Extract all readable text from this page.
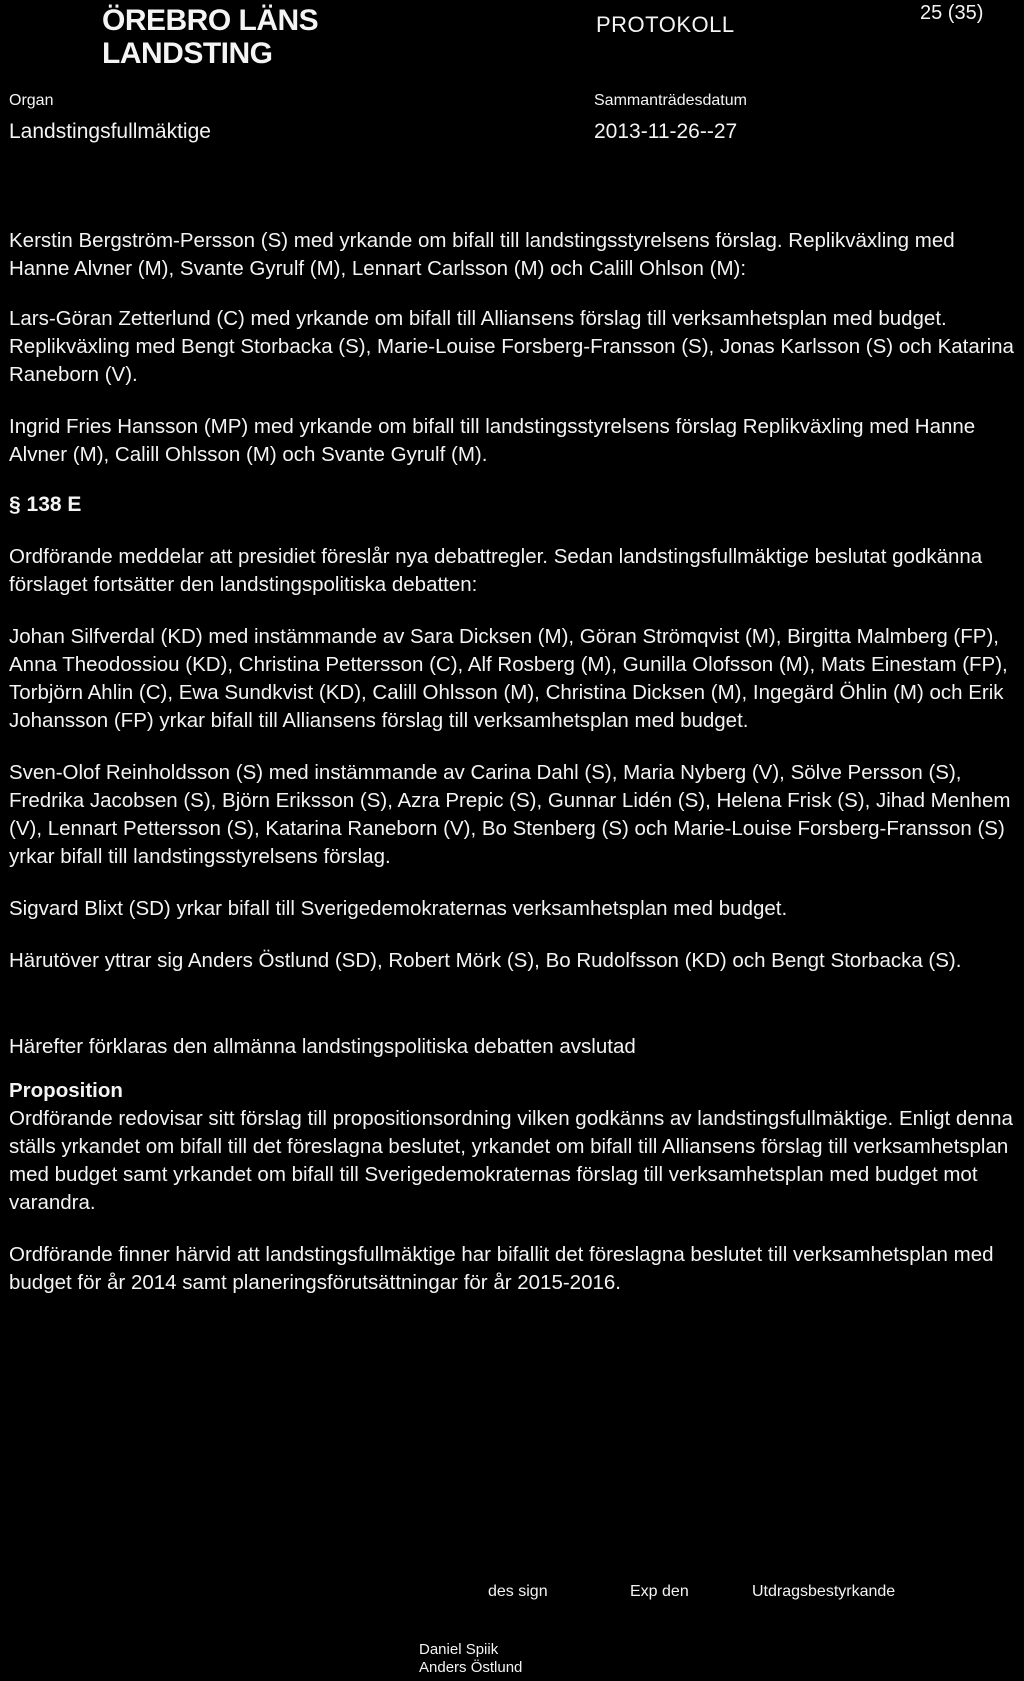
ÖREBRO LÄNS
LANDSTING
PROTOKOLL	25 (35)
Organ
Landstingsfullmäktige
Sammanträdesdatum
2013-11-26--27

Kerstin Bergström-Persson (S) med yrkande om bifall till landstingsstyrelsens förslag. Replikväxling med Hanne Alvner (M), Svante Gyrulf (M), Lennart Carlsson (M) och Calill Ohlson (M):

Lars-Göran Zetterlund (C) med yrkande om bifall till Alliansens förslag till verksamhetsplan med budget. Replikväxling med Bengt Storbacka (S), Marie-Louise Forsberg-Fransson (S), Jonas Karlsson (S) och Katarina Raneborn (V).

Ingrid Fries Hansson (MP) med yrkande om bifall till landstingsstyrelsens förslag Replikväxling med Hanne Alvner (M), Calill Ohlsson (M) och Svante Gyrulf (M).

§ 138 E

Ordförande meddelar att presidiet föreslår nya debattregler. Sedan landstingsfullmäktige beslutat godkänna förslaget fortsätter den landstingspolitiska debatten:

Johan Silfverdal (KD) med instämmande av Sara Dicksen (M), Göran Strömqvist (M), Birgitta Malmberg (FP), Anna Theodossiou (KD), Christina Pettersson (C), Alf Rosberg (M), Gunilla Olofsson (M), Mats Einestam (FP), Torbjörn Ahlin (C), Ewa Sundkvist (KD), Calill Ohlsson (M), Christina Dicksen (M), Ingegärd Öhlin (M) och Erik Johansson (FP) yrkar bifall till Alliansens förslag till verksamhetsplan med budget.

Sven-Olof Reinholdsson (S) med instämmande av Carina Dahl (S), Maria Nyberg (V), Sölve Persson (S), Fredrika Jacobsen (S), Björn Eriksson (S), Azra Prepic (S), Gunnar Lidén (S), Helena Frisk (S), Jihad Menhem (V), Lennart Pettersson (S), Katarina Raneborn (V), Bo Stenberg (S) och Marie-Louise Forsberg-Fransson (S) yrkar bifall till landstingsstyrelsens förslag.

Sigvard Blixt (SD) yrkar bifall till Sverigedemokraternas verksamhetsplan med budget.

Härutöver yttrar sig Anders Östlund (SD), Robert Mörk (S), Bo Rudolfsson (KD) och Bengt Storbacka (S).

Härefter förklaras den allmänna landstingspolitiska debatten avslutad

Proposition

Ordförande redovisar sitt förslag till propositionsordning vilken godkänns av landstingsfullmäktige. Enligt denna ställs yrkandet om bifall till det föreslagna beslutet, yrkandet om bifall till Alliansens förslag till verksamhetsplan med budget samt yrkandet om bifall till Sverigedemokraternas förslag till verksamhetsplan med budget mot varandra.

Ordförande finner härvid att landstingsfullmäktige har bifallit det föreslagna beslutet till verksamhetsplan med budget för år 2014 samt planeringsförutsättningar för år 2015-2016.

des sign	Exp den	Utdragsbestyrkande
Daniel Spiik
Anders Östlund
